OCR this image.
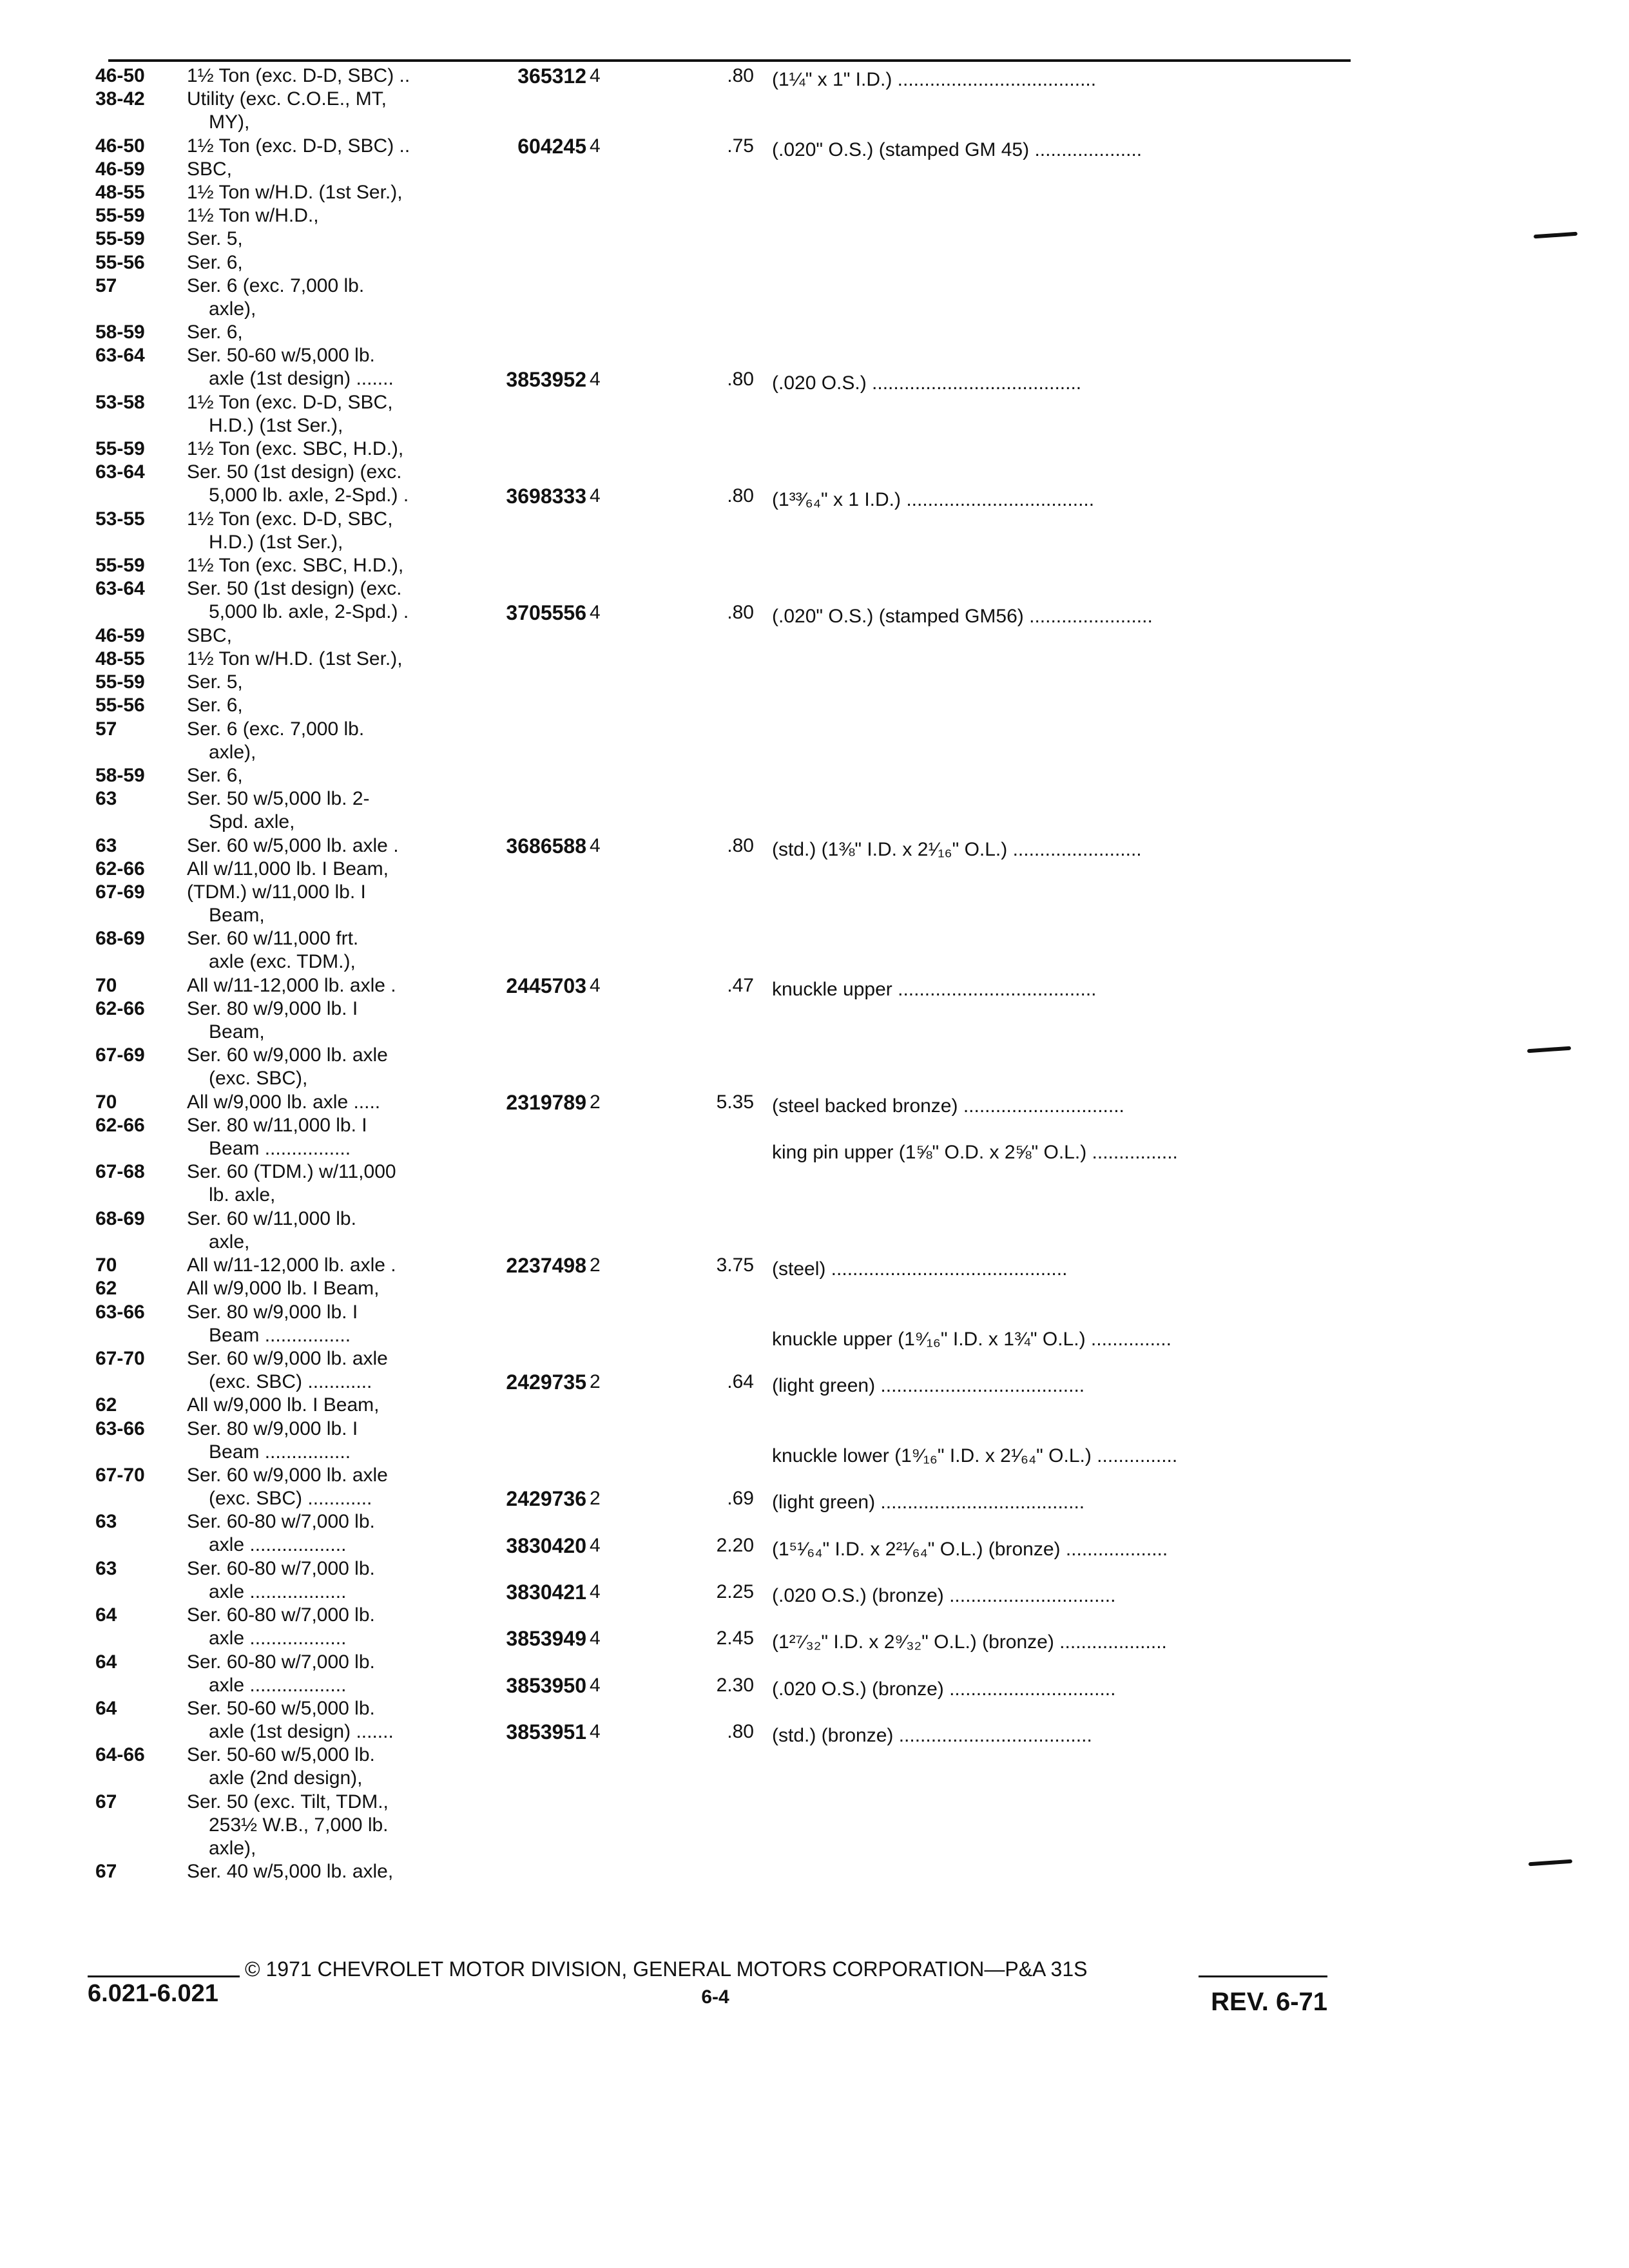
46-50	1½ Ton (exc. D-D, SBC) ..	365312 4	.80 (1¼" x 1" I.D.) .....................................
38-42	Utility (exc. C.O.E., MT,
MY),
46-50	1½ Ton (exc. D-D, SBC) ..	604245 4	.75 (.020" O.S.) (stamped GM 45) ....................
46-59	SBC,
48-55	1½ Ton w/H.D. (1st Ser.),
55-59	1½ Ton w/H.D.,
55-59	Ser. 5,
55-56	Ser. 6,
57	Ser. 6 (exc. 7,000 lb.
axle),
58-59	Ser. 6,
63-64	Ser. 50-60 w/5,000 lb.
axle (1st design) .......	3853952 4	.80 (.020 O.S.) .......................................
53-58	1½ Ton (exc. D-D, SBC,
H.D.) (1st Ser.),
55-59	1½ Ton (exc. SBC, H.D.),
63-64	Ser. 50 (1st design) (exc.
5,000 lb. axle, 2-Spd.) .	3698333 4	.80 (1³³⁄₆₄" x 1 I.D.) ...................................
53-55	1½ Ton (exc. D-D, SBC,
H.D.) (1st Ser.),
55-59	1½ Ton (exc. SBC, H.D.),
63-64	Ser. 50 (1st design) (exc.
5,000 lb. axle, 2-Spd.) .	3705556 4	.80 (.020" O.S.) (stamped GM56) .......................
46-59	SBC,
48-55	1½ Ton w/H.D. (1st Ser.),
55-59	Ser. 5,
55-56	Ser. 6,
57	Ser. 6 (exc. 7,000 lb.
axle),
58-59	Ser. 6,
63	Ser. 50 w/5,000 lb. 2-
Spd. axle,
63	Ser. 60 w/5,000 lb. axle .	3686588 4	.80 (std.) (1⅜" I.D. x 2¹⁄₁₆" O.L.) ........................
62-66	All w/11,000 lb. I Beam,
67-69	(TDM.) w/11,000 lb. I
Beam,
68-69	Ser. 60 w/11,000 frt.
axle (exc. TDM.),
70	All w/11-12,000 lb. axle .	2445703 4	.47 knuckle upper .....................................
62-66	Ser. 80 w/9,000 lb. I
Beam,
67-69	Ser. 60 w/9,000 lb. axle
(exc. SBC),
70	All w/9,000 lb. axle .....	2319789 2	5.35 (steel backed bronze) ..............................
62-66	Ser. 80 w/11,000 lb. I
Beam ................	king pin upper (1⅝" O.D. x 2⅝" O.L.) ................
67-68	Ser. 60 (TDM.) w/11,000
lb. axle,
68-69	Ser. 60 w/11,000 lb.
axle,
70	All w/11-12,000 lb. axle .	2237498 2	3.75 (steel) ............................................
62	All w/9,000 lb. I Beam,
63-66	Ser. 80 w/9,000 lb. I
Beam ................	knuckle upper (1⁹⁄₁₆" I.D. x 1¾" O.L.) ...............
67-70	Ser. 60 w/9,000 lb. axle
(exc. SBC) ............	2429735 2	.64 (light green) ......................................
62	All w/9,000 lb. I Beam,
63-66	Ser. 80 w/9,000 lb. I
Beam ................	knuckle lower (1⁹⁄₁₆" I.D. x 2¹⁄₆₄" O.L.) ...............
67-70	Ser. 60 w/9,000 lb. axle
(exc. SBC) ............	2429736 2	.69 (light green) ......................................
63	Ser. 60-80 w/7,000 lb.
axle ..................	3830420 4	2.20 (1⁵¹⁄₆₄" I.D. x 2²¹⁄₆₄" O.L.) (bronze) ...................
63	Ser. 60-80 w/7,000 lb.
axle ..................	3830421 4	2.25 (.020 O.S.) (bronze) ...............................
64	Ser. 60-80 w/7,000 lb.
axle ..................	3853949 4	2.45 (1²⁷⁄₃₂" I.D. x 2⁹⁄₃₂" O.L.) (bronze) ....................
64	Ser. 60-80 w/7,000 lb.
axle ..................	3853950 4	2.30 (.020 O.S.) (bronze) ...............................
64	Ser. 50-60 w/5,000 lb.
axle (1st design) .......	3853951 4	.80 (std.) (bronze) ....................................
64-66	Ser. 50-60 w/5,000 lb.
axle (2nd design),
67	Ser. 50 (exc. Tilt, TDM.,
253½ W.B., 7,000 lb.
axle),
67	Ser. 40 w/5,000 lb. axle,
© 1971 CHEVROLET MOTOR DIVISION, GENERAL MOTORS CORPORATION—P&A 31S
6.021-6.021	6-4	REV. 6-71
